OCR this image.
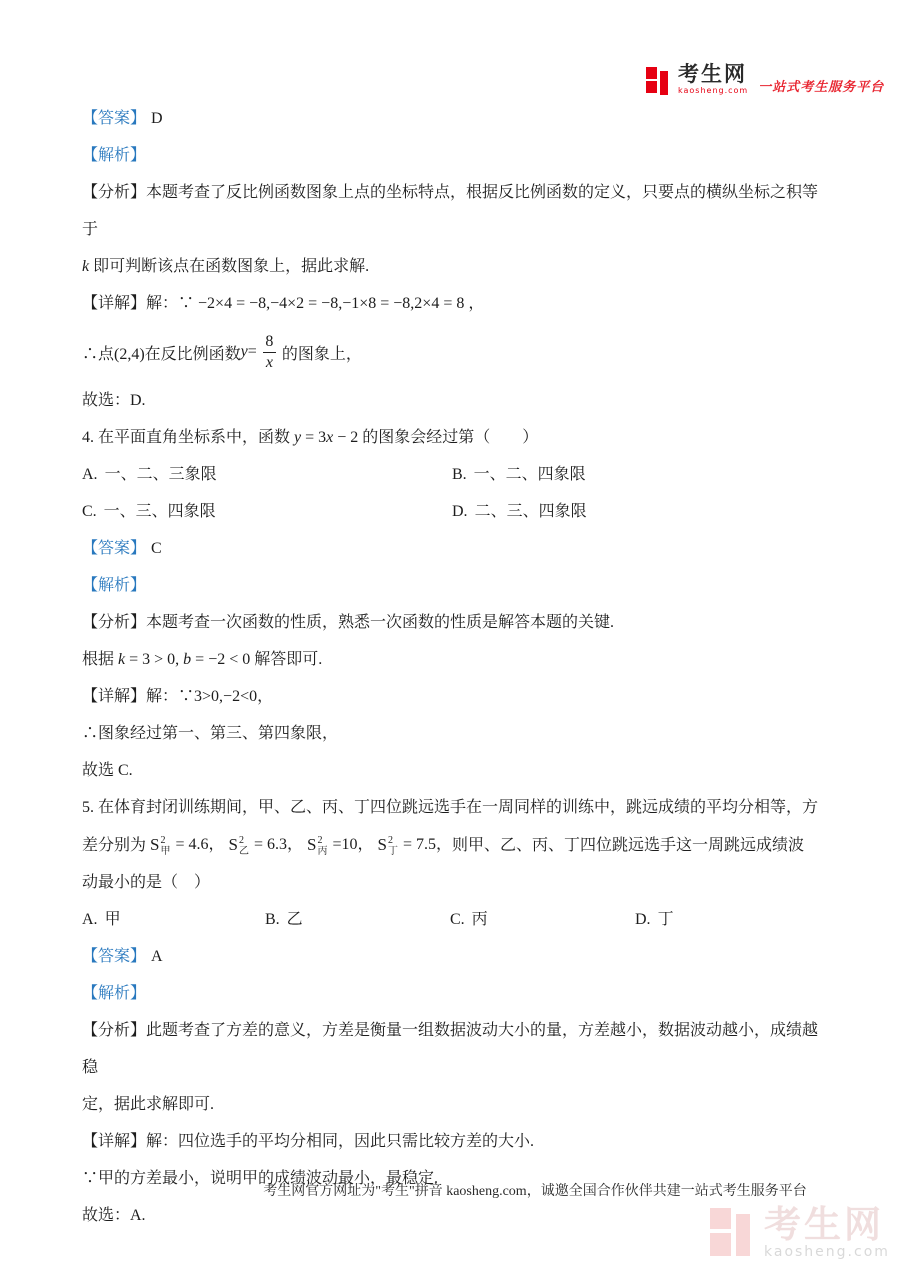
考生网
kaosheng.com 一站式考生服务平台

【答案】 D

【解析】

【分析】本题考查了反比例函数图象上点的坐标特点，根据反比例函数的定义，只要点的横纵坐标之积等于

k 即可判断该点在函数图象上，据此求解.

【详解】解：∵ −2×4 = −8,−4×2 = −8,−1×8 = −8,2×4 = 8 ，

∴点(2,4)在反比例函数 $y = \frac{8}{x}$ 的图象上，

故选：D.

4. 在平面直角坐标系中，函数 y = 3x − 2 的图象会经过第（　　）

A. 一、二、三象限	B. 一、二、四象限

C. 一、三、四象限	D. 二、三、四象限

【答案】 C

【解析】

【分析】本题考查一次函数的性质，熟悉一次函数的性质是解答本题的关键.

根据 k = 3 > 0, b = −2 < 0 解答即可.

【详解】解：∵3>0,−2<0，

∴图象经过第一、第三、第四象限，

故选 C.

5. 在体育封闭训练期间，甲、乙、丙、丁四位跳远选手在一周同样的训练中，跳远成绩的平均分相等，方

差分别为 S 2
甲 = 4.6， S 2
乙 = 6.3， S 2
丙 =10， S 2
丁 = 7.5， 则甲、乙、丙、丁四位跳远选手这一周跳远成绩波

动最小的是（　）

A. 甲	B. 乙	C. 丙	D. 丁

【答案】 A

【解析】

【分析】此题考查了方差的意义，方差是衡量一组数据波动大小的量，方差越小，数据波动越小，成绩越稳

定，据此求解即可.

【详解】解：四位选手的平均分相同，因此只需比较方差的大小.

∵甲的方差最小，说明甲的成绩波动最小，最稳定.

故选：A.

考生网官方网址为"考生"拼音 kaosheng.com，诚邀全国合作伙伴共建一站式考生服务平台
考生网
kaosheng.com
